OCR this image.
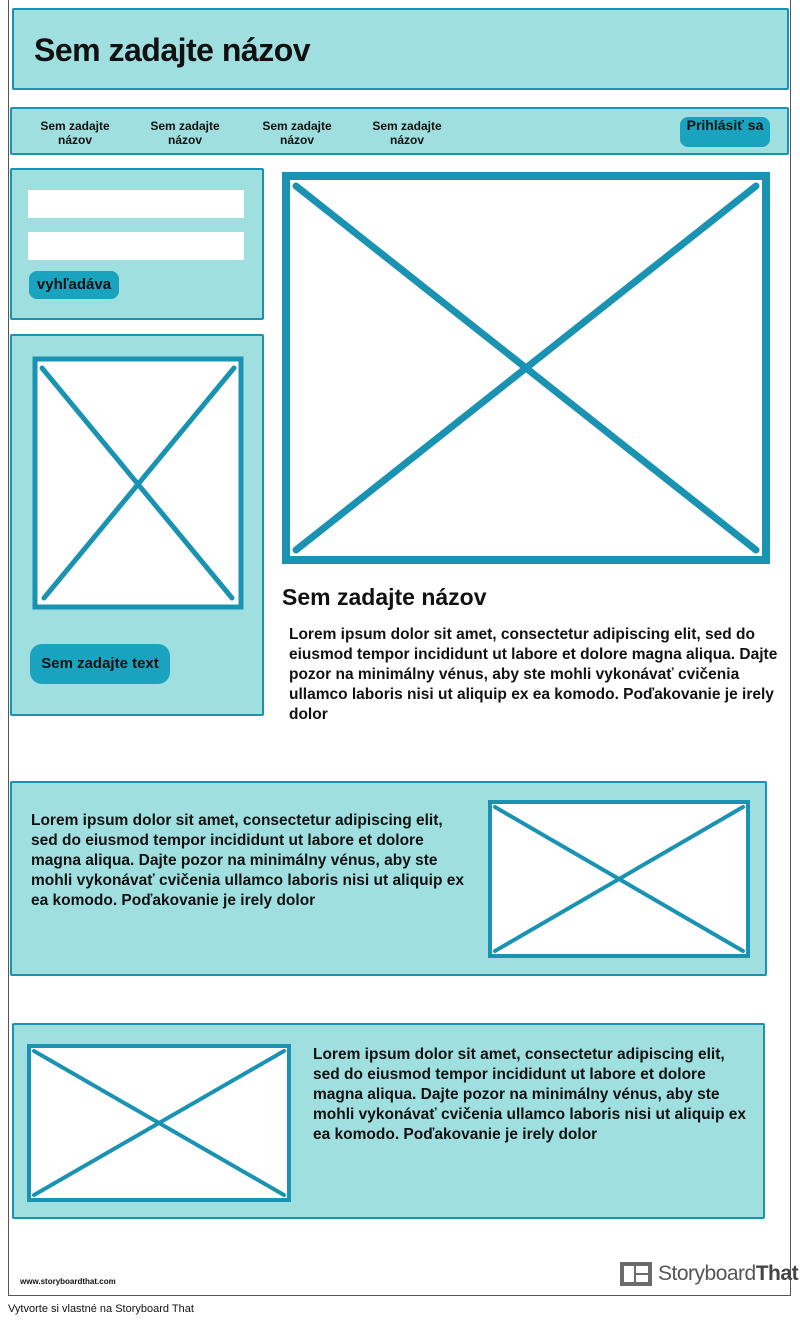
Sem zadajte názov
Sem zadajte názov
Sem zadajte názov
Sem zadajte názov
Sem zadajte názov
Prihlásiť sa
vyhľadáva
Sem zadajte text
Sem zadajte názov

Lorem ipsum dolor sit amet, consectetur adipiscing elit, sed do eiusmod tempor incididunt ut labore et dolore magna aliqua. Dajte pozor na minimálny vénus, aby ste mohli vykonávať cvičenia ullamco laboris nisi ut aliquip ex ea komodo. Poďakovanie je irely dolor

Lorem ipsum dolor sit amet, consectetur adipiscing elit, sed do eiusmod tempor incididunt ut labore et dolore magna aliqua. Dajte pozor na minimálny vénus, aby ste mohli vykonávať cvičenia ullamco laboris nisi ut aliquip ex ea komodo. Poďakovanie je irely dolor

Lorem ipsum dolor sit amet, consectetur adipiscing elit, sed do eiusmod tempor incididunt ut labore et dolore magna aliqua. Dajte pozor na minimálny vénus, aby ste mohli vykonávať cvičenia ullamco laboris nisi ut aliquip ex ea komodo. Poďakovanie je irely dolor

www.storyboardthat.com	StoryboardThat
Vytvorte si vlastné na Storyboard That
